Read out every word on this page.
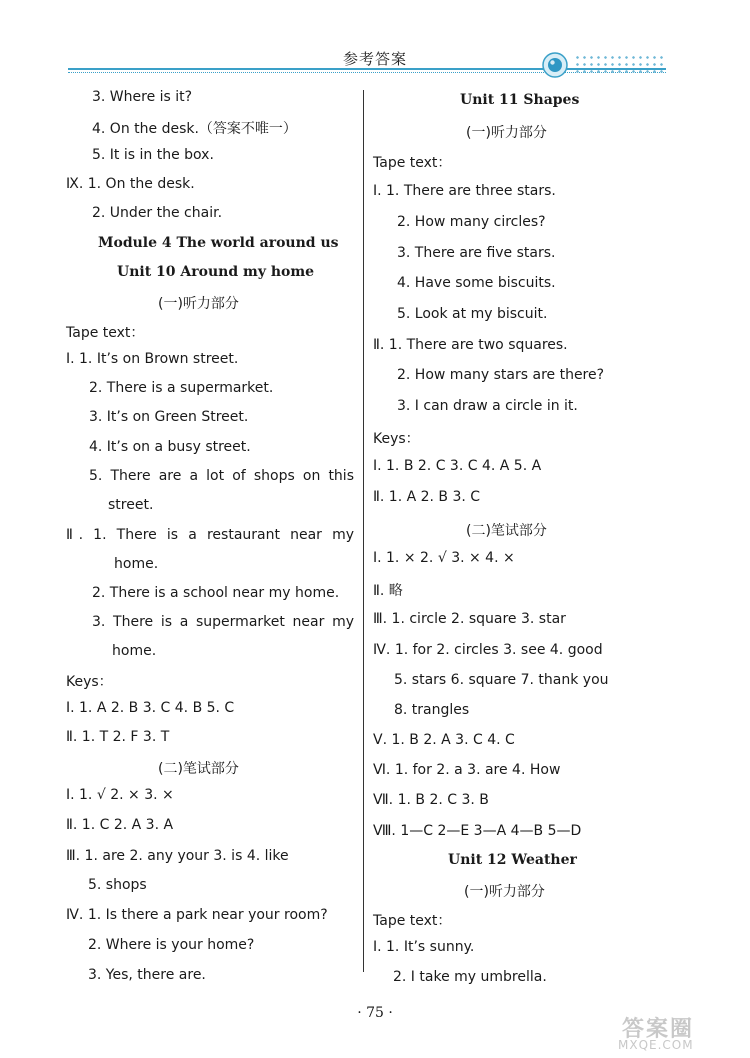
参考答案
3. Where is it?
4. On the desk.（答案不唯一）
5. It is in the box.
Ⅸ. 1. On the desk.
2. Under the chair.
Module 4 The world around us
Unit 10 Around my home
(一)听力部分
Tape text：
Ⅰ. 1. It’s on Brown street.
2. There is a supermarket.
3. It’s on Green Street.
4. It’s on a busy street.
5. There are a lot of shops on this
street.
Ⅱ. 1. There is a restaurant near my
home.
2. There is a school near my home.
3. There is a supermarket near my
home.
Keys：
Ⅰ. 1. A 2. B 3. C 4. B 5. C
Ⅱ. 1. T 2. F 3. T
(二)笔试部分
Ⅰ. 1. √ 2. × 3. ×
Ⅱ. 1. C 2. A 3. A
Ⅲ. 1. are 2. any your 3. is 4. like
5. shops
Ⅳ. 1. Is there a park near your room?
2. Where is your home?
3. Yes, there are.
Unit 11 Shapes
(一)听力部分
Tape text：
Ⅰ. 1. There are three stars.
2. How many circles?
3. There are five stars.
4. Have some biscuits.
5. Look at my biscuit.
Ⅱ. 1. There are two squares.
2. How many stars are there?
3. I can draw a circle in it.
Keys：
Ⅰ. 1. B 2. C 3. C 4. A 5. A
Ⅱ. 1. A 2. B 3. C
(二)笔试部分
Ⅰ. 1. × 2. √ 3. × 4. ×
Ⅱ. 略
Ⅲ. 1. circle 2. square 3. star
Ⅳ. 1. for 2. circles 3. see 4. good
5. stars 6. square 7. thank you
8. trangles
Ⅴ. 1. B 2. A 3. C 4. C
Ⅵ. 1. for 2. a 3. are 4. How
Ⅶ. 1. B 2. C 3. B
Ⅷ. 1—C 2—E 3—A 4—B 5—D
Unit 12 Weather
(一)听力部分
Tape text：
Ⅰ. 1. It’s sunny.
2. I take my umbrella.
· 75 ·
答案圈
MXQE.COM
